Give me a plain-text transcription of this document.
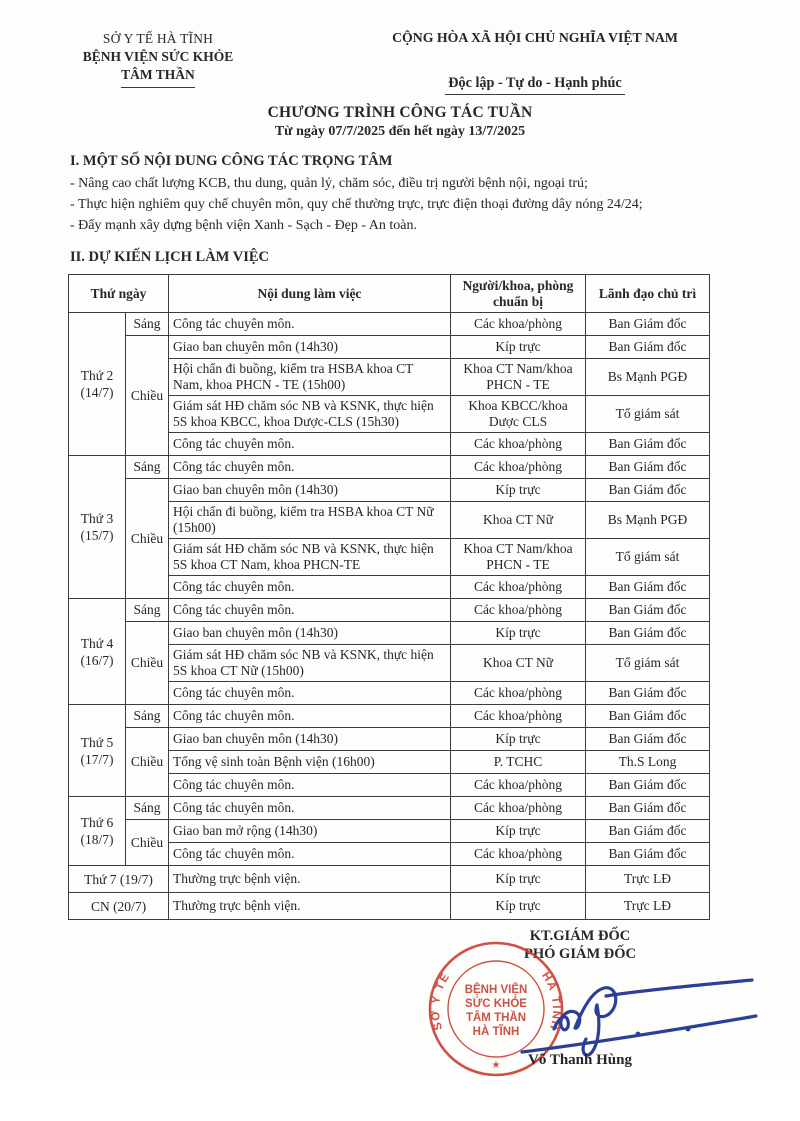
SỞ Y TẾ HÀ TĨNH
BỆNH VIỆN SỨC KHỎE
TÂM THẦN
CỘNG HÒA XÃ HỘI CHỦ NGHĨA VIỆT NAM

Độc lập - Tự do - Hạnh phúc
CHƯƠNG TRÌNH CÔNG TÁC TUẦN
Từ ngày 07/7/2025 đến hết ngày 13/7/2025
I. MỘT SỐ NỘI DUNG CÔNG TÁC TRỌNG TÂM
- Nâng cao chất lượng KCB, thu dung, quản lý, chăm sóc, điều trị người bệnh nội, ngoại trú;
- Thực hiện nghiêm quy chế chuyên môn, quy chế thường trực, trực điện thoại đường dây nóng 24/24;
- Đẩy mạnh xây dựng bệnh viện Xanh - Sạch - Đẹp - An toàn.
II. DỰ KIẾN LỊCH LÀM VIỆC
Thứ ngày		Nội dung làm việc	Người/khoa, phòng chuẩn bị	Lãnh đạo chủ trì

Thứ 2
(14/7)	Sáng	Công tác chuyên môn.	Các khoa/phòng	Ban Giám đốc
	Chiều	Giao ban chuyên môn (14h30)	Kíp trực	Ban Giám đốc
		Hội chẩn đi buồng, kiểm tra HSBA khoa CT Nam, khoa PHCN - TE (15h00)	Khoa CT Nam/khoa PHCN - TE	Bs Mạnh PGĐ
		Giám sát HĐ chăm sóc NB và KSNK, thực hiện 5S khoa KBCC, khoa Dược-CLS (15h30)	Khoa KBCC/khoa Dược CLS	Tổ giám sát
		Công tác chuyên môn.	Các khoa/phòng	Ban Giám đốc

Thứ 3
(15/7)	Sáng	Công tác chuyên môn.	Các khoa/phòng	Ban Giám đốc
	Chiều	Giao ban chuyên môn (14h30)	Kíp trực	Ban Giám đốc
		Hội chẩn đi buồng, kiểm tra HSBA khoa CT Nữ (15h00)	Khoa CT Nữ	Bs Mạnh PGĐ
		Giám sát HĐ chăm sóc NB và KSNK, thực hiện 5S khoa CT Nam, khoa PHCN-TE	Khoa CT Nam/khoa PHCN - TE	Tổ giám sát
		Công tác chuyên môn.	Các khoa/phòng	Ban Giám đốc

Thứ 4
(16/7)	Sáng	Công tác chuyên môn.	Các khoa/phòng	Ban Giám đốc
	Chiều	Giao ban chuyên môn (14h30)	Kíp trực	Ban Giám đốc
		Giám sát HĐ chăm sóc NB và KSNK, thực hiện 5S khoa CT Nữ (15h00)	Khoa CT Nữ	Tổ giám sát
		Công tác chuyên môn.	Các khoa/phòng	Ban Giám đốc

Thứ 5
(17/7)	Sáng	Công tác chuyên môn.	Các khoa/phòng	Ban Giám đốc
	Chiều	Giao ban chuyên môn (14h30)	Kíp trực	Ban Giám đốc
		Tổng vệ sinh toàn Bệnh viện (16h00)	P. TCHC	Th.S Long
		Công tác chuyên môn.	Các khoa/phòng	Ban Giám đốc

Thứ 6
(18/7)	Sáng	Công tác chuyên môn.	Các khoa/phòng	Ban Giám đốc
	Chiều	Giao ban mở rộng (14h30)	Kíp trực	Ban Giám đốc
		Công tác chuyên môn.	Các khoa/phòng	Ban Giám đốc

Thứ 7 (19/7)		Thường trực bệnh viện.	Kíp trực	Trực LĐ

CN (20/7)		Thường trực bệnh viện.	Kíp trực	Trực LĐ
KT.GIÁM ĐỐC
PHÓ GIÁM ĐỐC
SỞ Y TẾ	HÀ TĨNH
★
BỆNH VIỆN
SỨC KHỎE
TÂM THẦN
HÀ TĨNH
Võ Thanh Hùng
